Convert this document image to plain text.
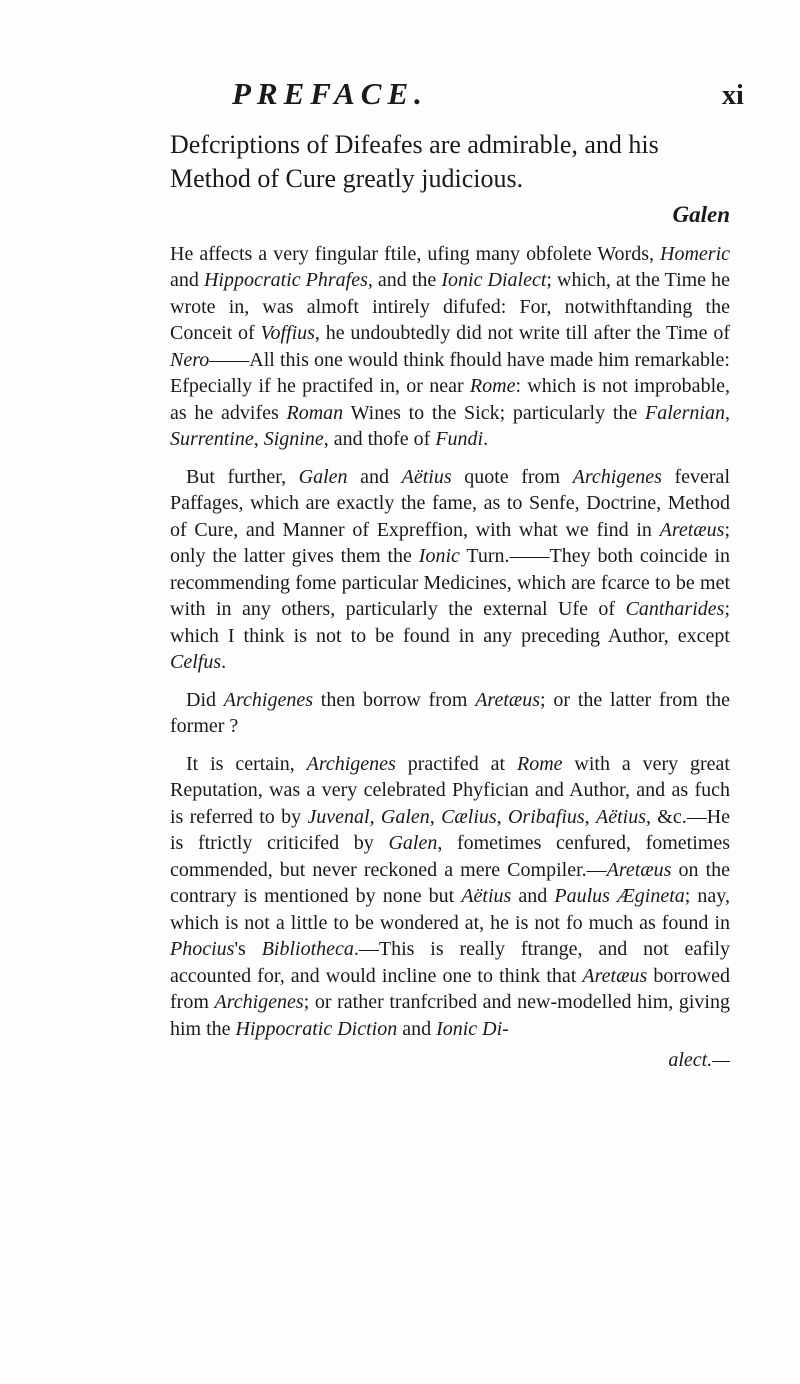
PREFACE.	xi

Defcriptions of Difeafes are admirable, and his Method of Cure greatly judicious.

Galen

He affects a very fingular ftile, ufing many obfolete Words, Homeric and Hippocratic Phrafes, and the Ionic Dialect; which, at the Time he wrote in, was almoft intirely difufed: For, notwithftanding the Conceit of Voffius, he undoubtedly did not write till after the Time of Nero——All this one would think fhould have made him remarkable: Efpecially if he practifed in, or near Rome: which is not improbable, as he advifes Roman Wines to the Sick; particularly the Falernian, Surrentine, Signine, and thofe of Fundi.

But further, Galen and Aëtius quote from Archigenes feveral Paffages, which are exactly the fame, as to Senfe, Doctrine, Method of Cure, and Manner of Expreffion, with what we find in Aretæus; only the latter gives them the Ionic Turn.——They both coincide in recommending fome particular Medicines, which are fcarce to be met with in any others, particularly the external Ufe of Cantharides; which I think is not to be found in any preceding Author, except Celfus.

Did Archigenes then borrow from Aretæus; or the latter from the former ?

It is certain, Archigenes practifed at Rome with a very great Reputation, was a very celebrated Phyfician and Author, and as fuch is referred to by Juvenal, Galen, Cælius, Oribafius, Aëtius, &c.—He is ftrictly criticifed by Galen, fometimes cenfured, fometimes commended, but never reckoned a mere Compiler.—Aretæus on the contrary is mentioned by none but Aëtius and Paulus Ægineta; nay, which is not a little to be wondered at, he is not fo much as found in Phocius's Bibliotheca.—This is really ftrange, and not eafily accounted for, and would incline one to think that Aretæus borrowed from Archigenes; or rather tranfcribed and new-modelled him, giving him the Hippocratic Diction and Ionic Di-

alect.—
